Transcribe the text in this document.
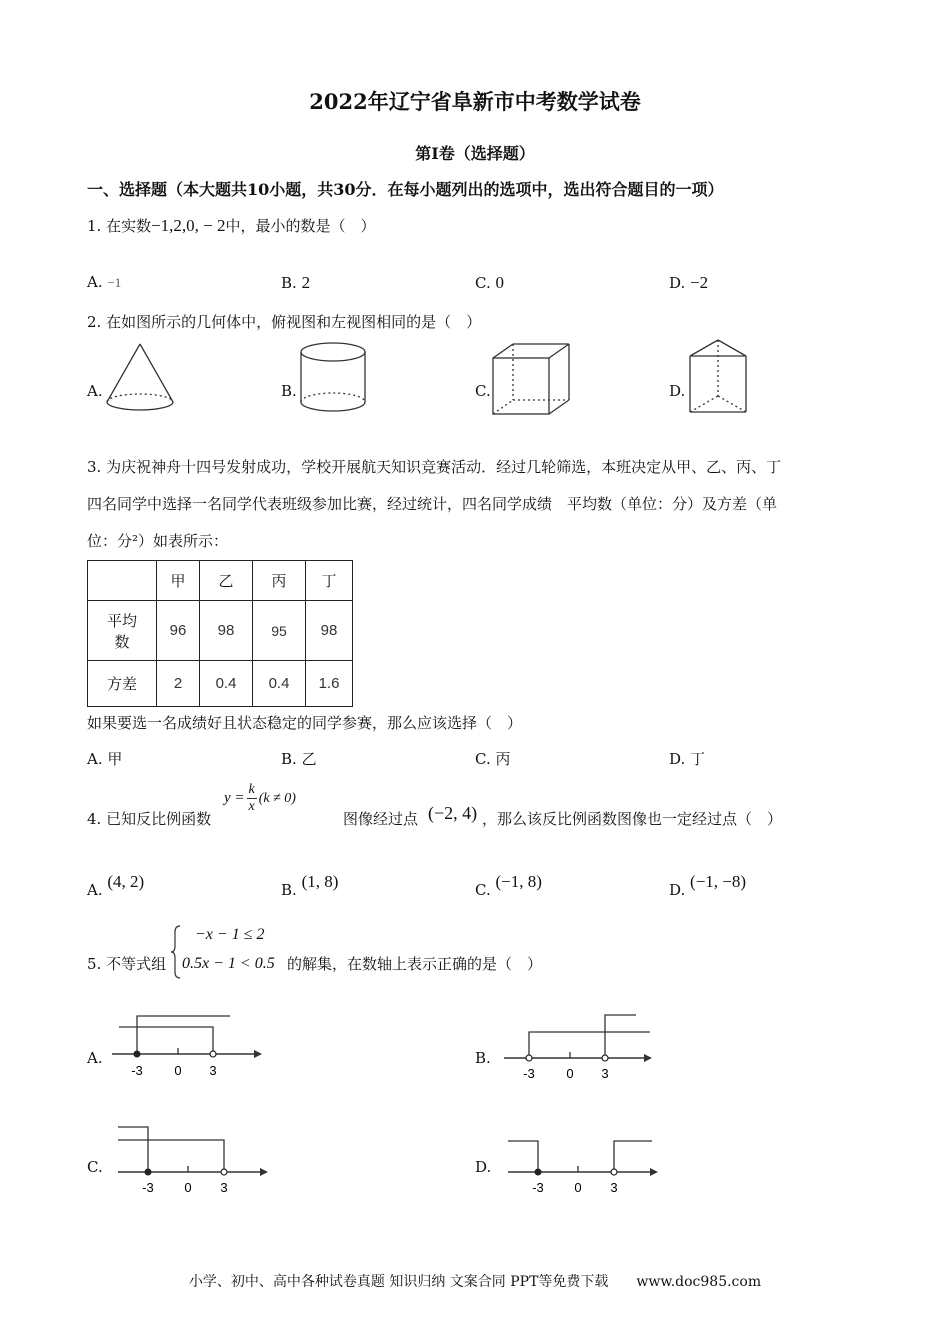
2022年辽宁省阜新市中考数学试卷
第I卷（选择题）
一、选择题（本大题共10小题，共30分．在每小题列出的选项中，选出符合题目的一项）
1. 在实数−1,2,0, − 2中，最小的数是（　）
A. −1	B. 2	C. 0	D. −2
2. 在如图所示的几何体中，俯视图和左视图相同的是（　）
A.	B.	C.	D.
3. 为庆祝神舟十四号发射成功，学校开展航天知识竞赛活动．经过几轮筛选，本班决定从甲、乙、丙、丁
四名同学中选择一名同学代表班级参加比赛，经过统计，四名同学成绩　平均数（单位：分）及方差（单
位：分²）如表所示：
	甲	乙	丙	丁

平均
数	96	98	95	98
方差	2	0.4	0.4	1.6
如果要选一名成绩好且状态稳定的同学参赛，那么应该选择（　）
A. 甲	B. 乙	C. 丙	D. 丁
4. 已知反比例函数
$y = \frac{k}{x} (k \ne 0)$
图像经过点 (−2, 4) ，那么该反比例函数图像也一定经过点（　）
A. (4, 2)	B. (1, 8)	C. (−1, 8)	D. (−1, −8)
5. 不等式组
−x − 1 ≤ 2
0.5x − 1 < 0.5 的解集，在数轴上表示正确的是（　）
A.
-3 0 3
B.
-3 0 3
C.
-3 0 3
D.
-3 0 3
小学、初中、高中各种试卷真题 知识归纳 文案合同 PPT等免费下载　　www.doc985.com
